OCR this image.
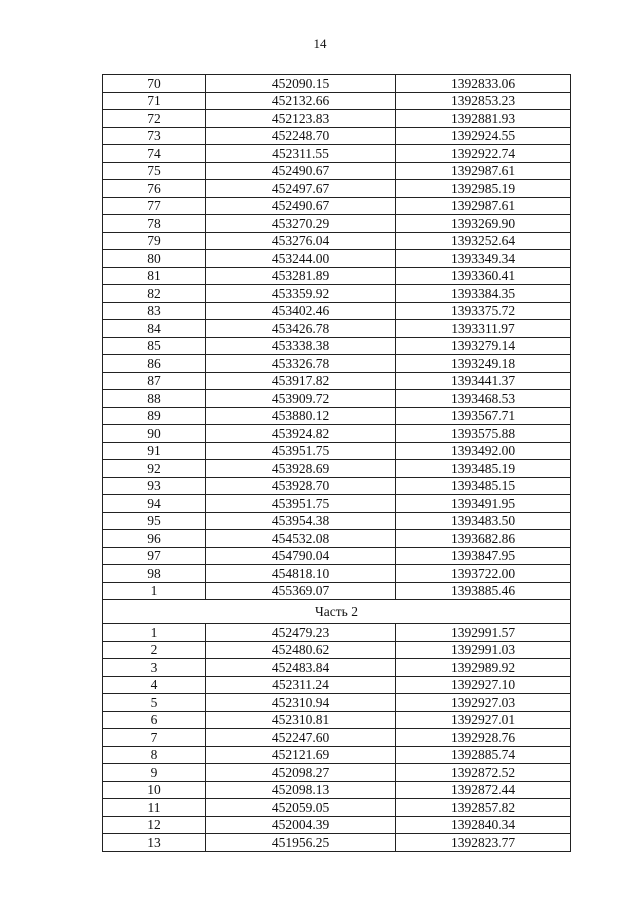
14
70	452090.15	1392833.06
71	452132.66	1392853.23
72	452123.83	1392881.93
73	452248.70	1392924.55
74	452311.55	1392922.74
75	452490.67	1392987.61
76	452497.67	1392985.19
77	452490.67	1392987.61
78	453270.29	1393269.90
79	453276.04	1393252.64
80	453244.00	1393349.34
81	453281.89	1393360.41
82	453359.92	1393384.35
83	453402.46	1393375.72
84	453426.78	1393311.97
85	453338.38	1393279.14
86	453326.78	1393249.18
87	453917.82	1393441.37
88	453909.72	1393468.53
89	453880.12	1393567.71
90	453924.82	1393575.88
91	453951.75	1393492.00
92	453928.69	1393485.19
93	453928.70	1393485.15
94	453951.75	1393491.95
95	453954.38	1393483.50
96	454532.08	1393682.86
97	454790.04	1393847.95
98	454818.10	1393722.00
1	455369.07	1393885.46
Часть 2		
1	452479.23	1392991.57
2	452480.62	1392991.03
3	452483.84	1392989.92
4	452311.24	1392927.10
5	452310.94	1392927.03
6	452310.81	1392927.01
7	452247.60	1392928.76
8	452121.69	1392885.74
9	452098.27	1392872.52
10	452098.13	1392872.44
11	452059.05	1392857.82
12	452004.39	1392840.34
13	451956.25	1392823.77
